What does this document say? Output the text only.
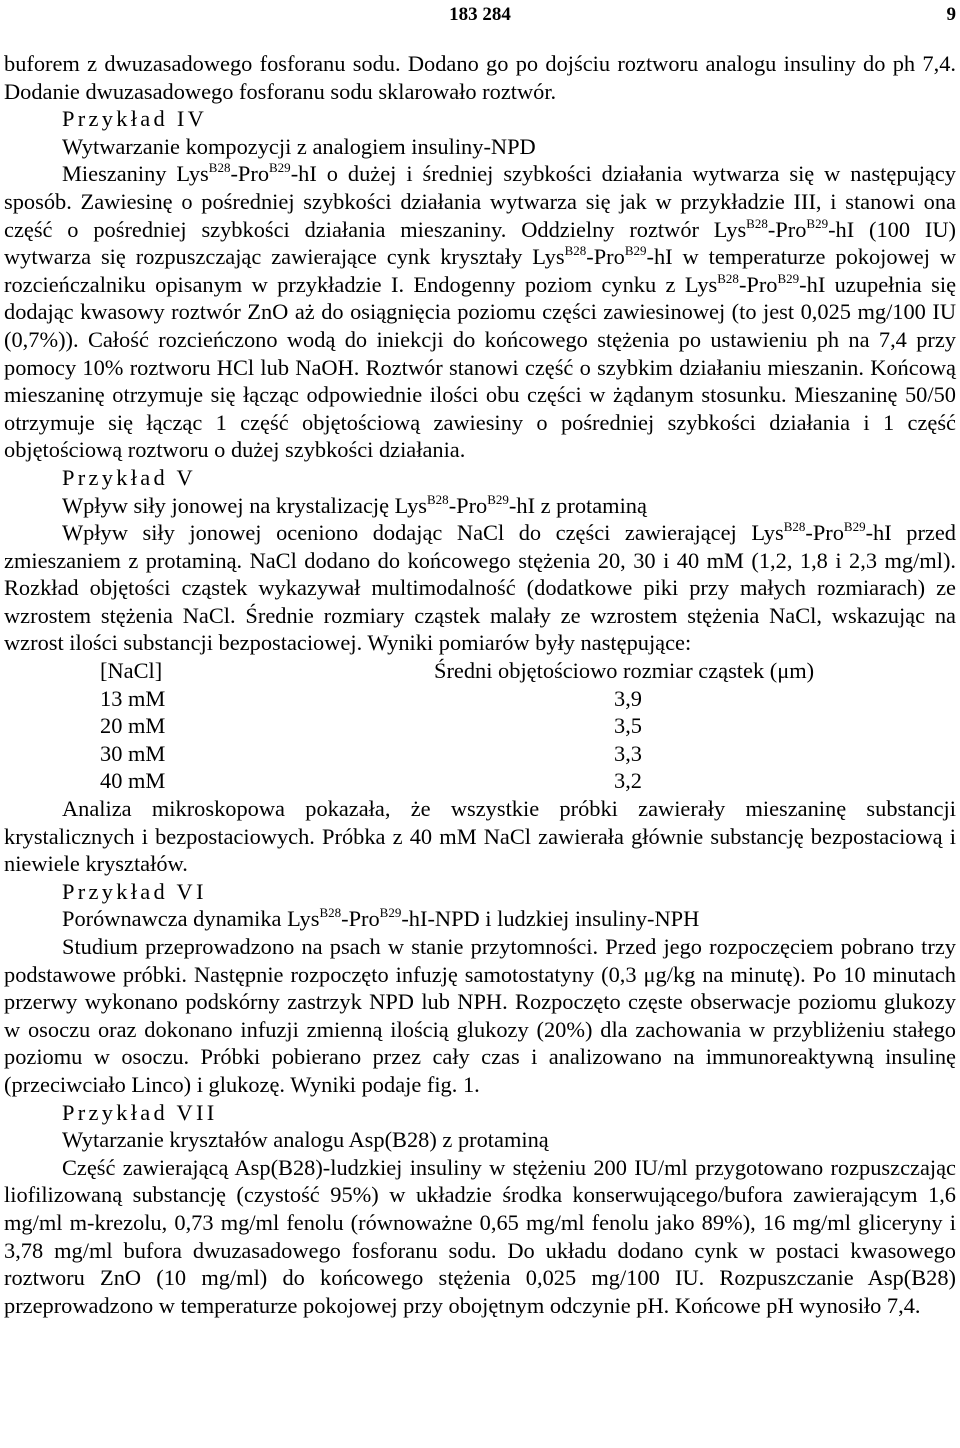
183 284	9

buforem z dwuzasadowego fosforanu sodu. Dodano go po dojściu roztworu analogu insuliny do ph 7,4. Dodanie dwuzasadowego fosforanu sodu sklarowało roztwór.

Przykład IV

Wytwarzanie kompozycji z analogiem insuliny-NPD

Mieszaniny Lys$^{B28}$-Pro$^{B29}$-hI o dużej i średniej szybkości działania wytwarza się w następujący sposób. Zawiesinę o pośredniej szybkości działania wytwarza się jak w przykładzie III, i stanowi ona część o pośredniej szybkości działania mieszaniny. Oddzielny roztwór Lys$^{B28}$-Pro$^{B29}$-hI (100 IU) wytwarza się rozpuszczając zawierające cynk kryształy Lys$^{B28}$-Pro$^{B29}$-hI w temperaturze pokojowej w rozcieńczalniku opisanym w przykładzie I. Endogenny poziom cynku z Lys$^{B28}$-Pro$^{B29}$-hI uzupełnia się dodając kwasowy roztwór ZnO aż do osiągnięcia poziomu części zawiesinowej (to jest 0,025 mg/100 IU (0,7%)). Całość rozcieńczono wodą do iniekcji do końcowego stężenia po ustawieniu ph na 7,4 przy pomocy 10% roztworu HCl lub NaOH. Roztwór stanowi część o szybkim działaniu mieszanin. Końcową mieszaninę otrzymuje się łącząc odpowiednie ilości obu części w żądanym stosunku. Mieszaninę 50/50 otrzymuje się łącząc 1 część objętościową zawiesiny o pośredniej szybkości działania i 1 część objętościową roztworu o dużej szybkości działania.

Przykład V

Wpływ siły jonowej na krystalizację Lys$^{B28}$-Pro$^{B29}$-hI z protaminą

Wpływ siły jonowej oceniono dodając NaCl do części zawierającej Lys$^{B28}$-Pro$^{B29}$-hI przed zmieszaniem z protaminą. NaCl dodano do końcowego stężenia 20, 30 i 40 mM (1,2, 1,8 i 2,3 mg/ml). Rozkład objętości cząstek wykazywał multimodalność (dodatkowe piki przy małych rozmiarach) ze wzrostem stężenia NaCl. Średnie rozmiary cząstek malały ze wzrostem stężenia NaCl, wskazując na wzrost ilości substancji bezpostaciowej. Wyniki pomiarów były następujące:

[NaCl]	Średni objętościowo rozmiar cząstek (μm)
13 mM	3,9
20 mM	3,5
30 mM	3,3
40 mM	3,2

Analiza mikroskopowa pokazała, że wszystkie próbki zawierały mieszaninę substancji krystalicznych i bezpostaciowych. Próbka z 40 mM NaCl zawierała głównie substancję bezpostaciową i niewiele kryształów.

Przykład VI

Porównawcza dynamika Lys$^{B28}$-Pro$^{B29}$-hI-NPD i ludzkiej insuliny-NPH

Studium przeprowadzono na psach w stanie przytomności. Przed jego rozpoczęciem pobrano trzy podstawowe próbki. Następnie rozpoczęto infuzję samotostatyny (0,3 μg/kg na minutę). Po 10 minutach przerwy wykonano podskórny zastrzyk NPD lub NPH. Rozpoczęto częste obserwacje poziomu glukozy w osoczu oraz dokonano infuzji zmienną ilością glukozy (20%) dla zachowania w przybliżeniu stałego poziomu w osoczu. Próbki pobierano przez cały czas i analizowano na immunoreaktywną insulinę (przeciwciało Linco) i glukozę. Wyniki podaje fig. 1.

Przykład VII

Wytarzanie kryształów analogu Asp(B28) z protaminą

Część zawierającą Asp(B28)-ludzkiej insuliny w stężeniu 200 IU/ml przygotowano rozpuszczając liofilizowaną substancję (czystość 95%) w układzie środka konserwującego/bufora zawierającym 1,6 mg/ml m-krezolu, 0,73 mg/ml fenolu (równoważne 0,65 mg/ml fenolu jako 89%), 16 mg/ml gliceryny i 3,78 mg/ml bufora dwuzasadowego fosforanu sodu. Do układu dodano cynk w postaci kwasowego roztworu ZnO (10 mg/ml) do końcowego stężenia 0,025 mg/100 IU. Rozpuszczanie Asp(B28) przeprowadzono w temperaturze pokojowej przy obojętnym odczynie pH. Końcowe pH wynosiło 7,4.
